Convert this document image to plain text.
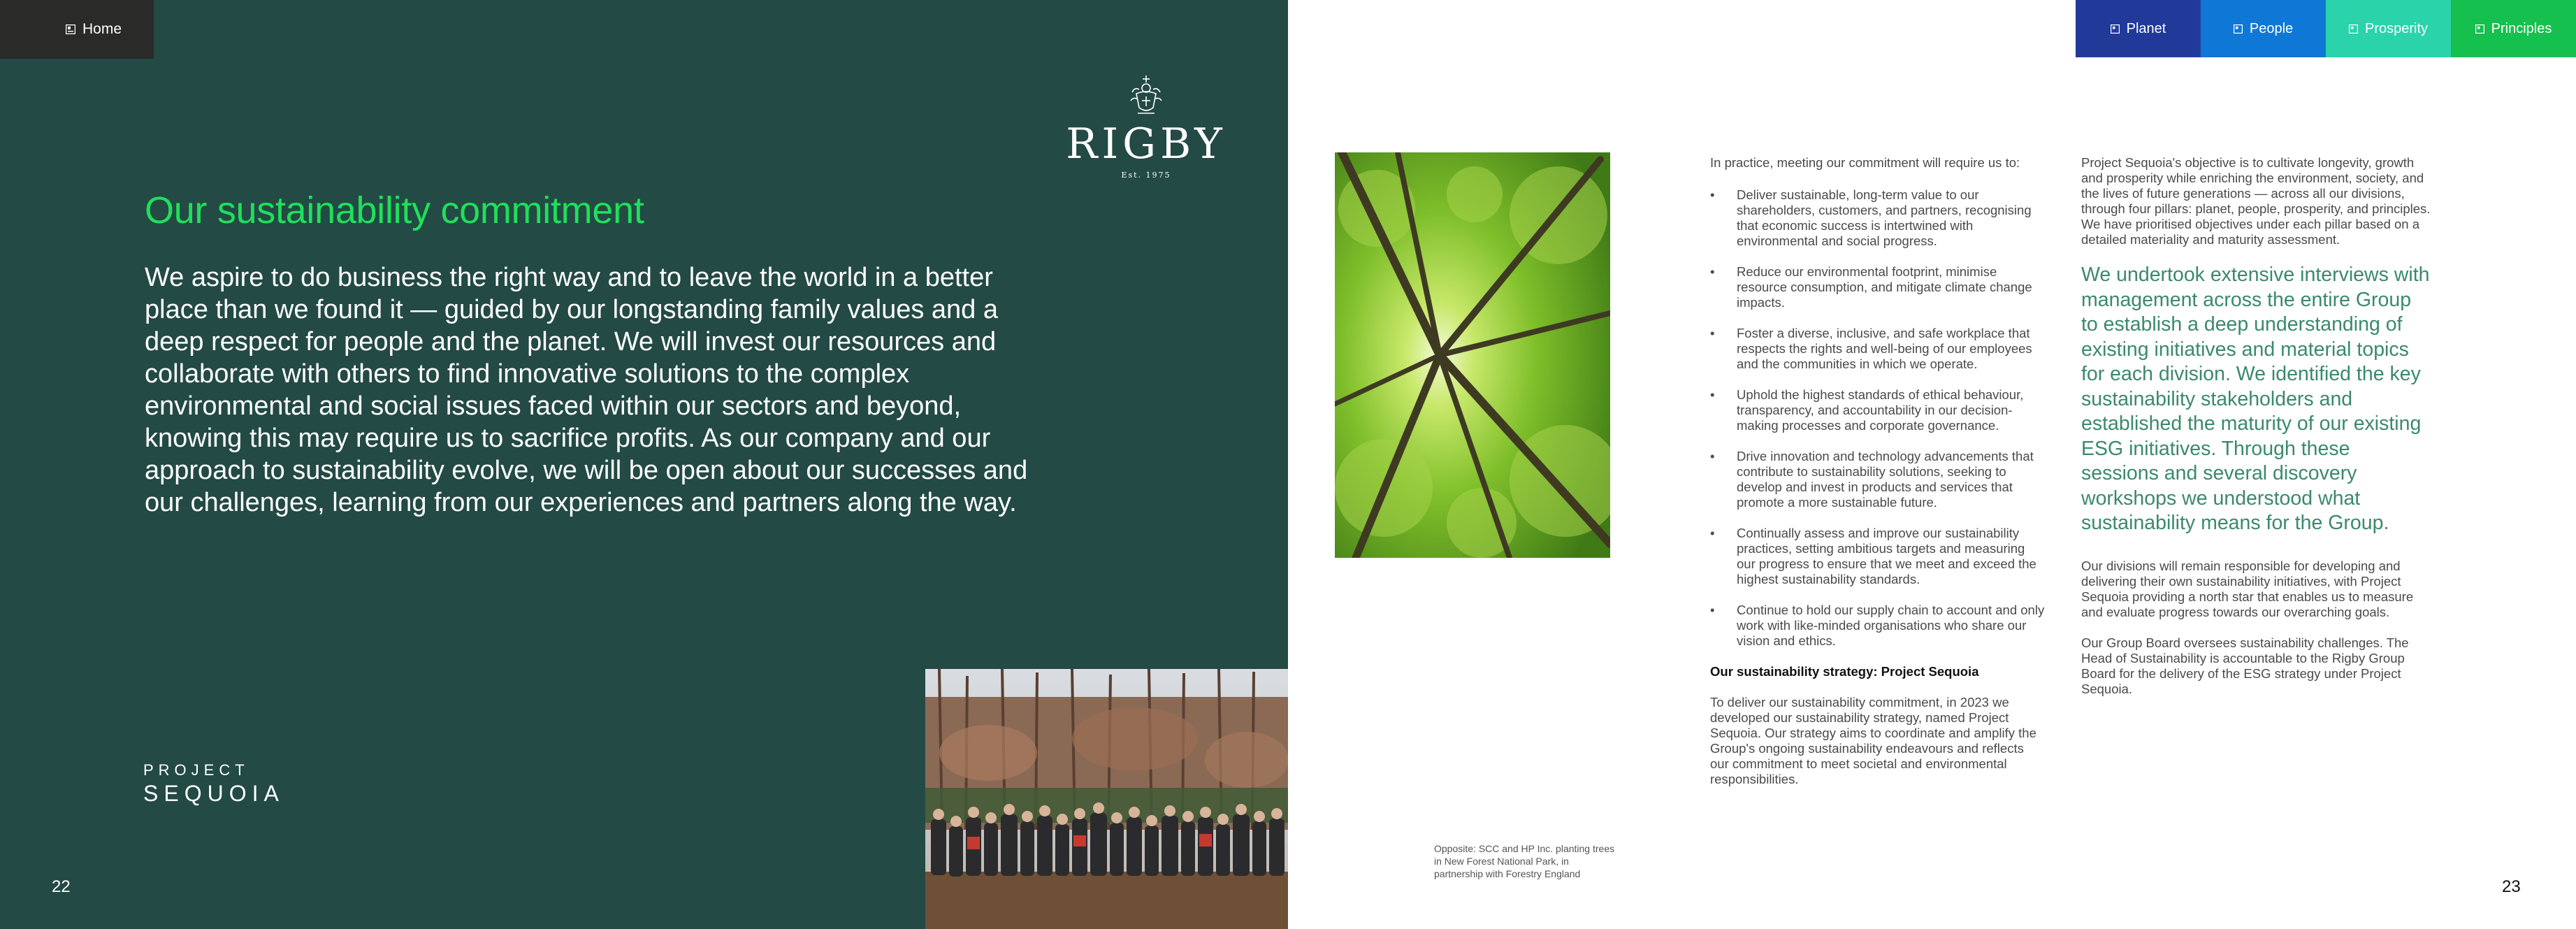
Home
RIGBY
Est. 1975
Our sustainability commitment

We aspire to do business the right way and to leave the world in a better place than we found it — guided by our longstanding family values and a deep respect for people and the planet. We will invest our resources and collaborate with others to find innovative solutions to the complex environmental and social issues faced within our sectors and beyond, knowing this may require us to sacrifice profits. As our company and our approach to sustainability evolve, we will be open about our successes and our challenges, learning from our experiences and partners along the way.

PROJECT
SEQUOIA
22
Planet	People	Prosperity	Principles
Opposite: SCC and HP Inc. planting trees in New Forest National Park, in partnership with Forestry England

In practice, meeting our commitment will require us to:

• Deliver sustainable, long-term value to our shareholders, customers, and partners, recognising that economic success is intertwined with environmental and social progress.
• Reduce our environmental footprint, minimise resource consumption, and mitigate climate change impacts.
• Foster a diverse, inclusive, and safe workplace that respects the rights and well-being of our employees and the communities in which we operate.
• Uphold the highest standards of ethical behaviour, transparency, and accountability in our decision-making processes and corporate governance.
• Drive innovation and technology advancements that contribute to sustainability solutions, seeking to develop and invest in products and services that promote a more sustainable future.
• Continually assess and improve our sustainability practices, setting ambitious targets and measuring our progress to ensure that we meet and exceed the highest sustainability standards.
• Continue to hold our supply chain to account and only work with like-minded organisations who share our vision and ethics.

Our sustainability strategy: Project Sequoia

To deliver our sustainability commitment, in 2023 we developed our sustainability strategy, named Project Sequoia. Our strategy aims to coordinate and amplify the Group's ongoing sustainability endeavours and reflects our commitment to meet societal and environmental responsibilities.

Project Sequoia's objective is to cultivate longevity, growth and prosperity while enriching the environment, society, and the lives of future generations — across all our divisions, through four pillars: planet, people, prosperity, and principles. We have prioritised objectives under each pillar based on a detailed materiality and maturity assessment.

We undertook extensive interviews with management across the entire Group to establish a deep understanding of existing initiatives and material topics for each division. We identified the key sustainability stakeholders and established the maturity of our existing ESG initiatives. Through these sessions and several discovery workshops we understood what sustainability means for the Group.

Our divisions will remain responsible for developing and delivering their own sustainability initiatives, with Project Sequoia providing a north star that enables us to measure and evaluate progress towards our overarching goals.

Our Group Board oversees sustainability challenges. The Head of Sustainability is accountable to the Rigby Group Board for the delivery of the ESG strategy under Project Sequoia.

23
